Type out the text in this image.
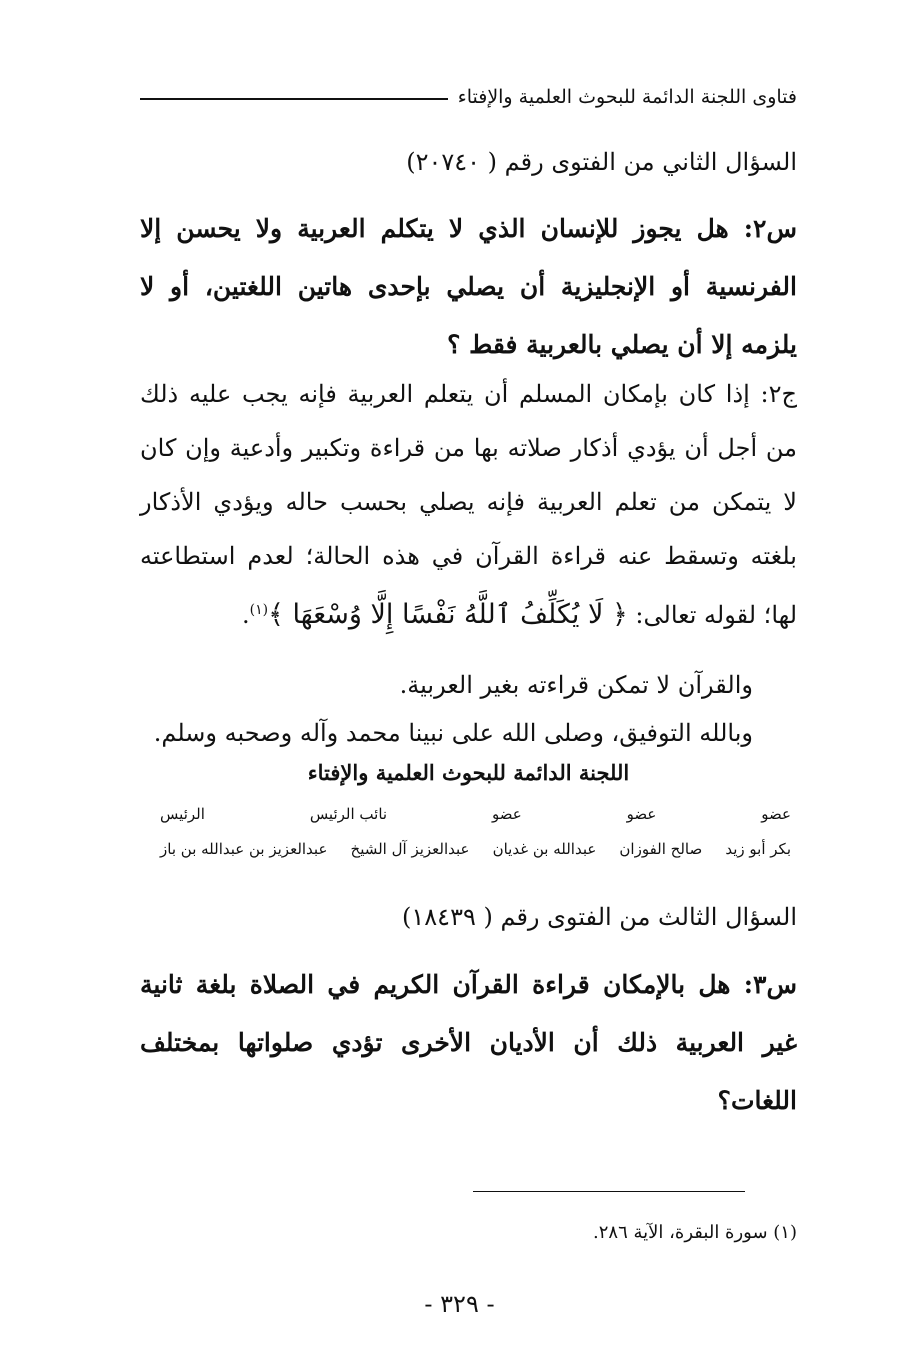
فتاوى اللجنة الدائمة للبحوث العلمية والإفتاء
السؤال الثاني من الفتوى رقم ( ٢٠٧٤٠)
س٢: هل يجوز للإنسان الذي لا يتكلم العربية ولا يحسن إلا الفرنسية أو الإنجليزية أن يصلي بإحدى هاتين اللغتين، أو لا يلزمه إلا أن يصلي بالعربية فقط ؟

ج٢: إذا كان بإمكان المسلم أن يتعلم العربية فإنه يجب عليه ذلك من أجل أن يؤدي أذكار صلاته بها من قراءة وتكبير وأدعية وإن كان لا يتمكن من تعلم العربية فإنه يصلي بحسب حاله ويؤدي الأذكار بلغته وتسقط عنه قراءة القرآن في هذه الحالة؛ لعدم استطاعته لها؛ لقوله تعالى: ﴿ لَا يُكَلِّفُ ٱللَّهُ نَفْسًا إِلَّا وُسْعَهَا ﴾$^{(١)}$.

والقرآن لا تمكن قراءته بغير العربية.
وبالله التوفيق، وصلى الله على نبينا محمد وآله وصحبه وسلم.
اللجنة الدائمة للبحوث العلمية والإفتاء
عضو
عضو
عضو
نائب الرئيس
الرئيس
بكر أبو زيد
صالح الفوزان
عبدالله بن غديان
عبدالعزيز آل الشيخ
عبدالعزيز بن عبدالله بن باز
السؤال الثالث من الفتوى رقم ( ١٨٤٣٩)
س٣: هل بالإمكان قراءة القرآن الكريم في الصلاة بلغة ثانية غير العربية ذلك أن الأديان الأخرى تؤدي صلواتها بمختلف اللغات؟
(١) سورة البقرة، الآية ٢٨٦.
- ٣٢٩ -
